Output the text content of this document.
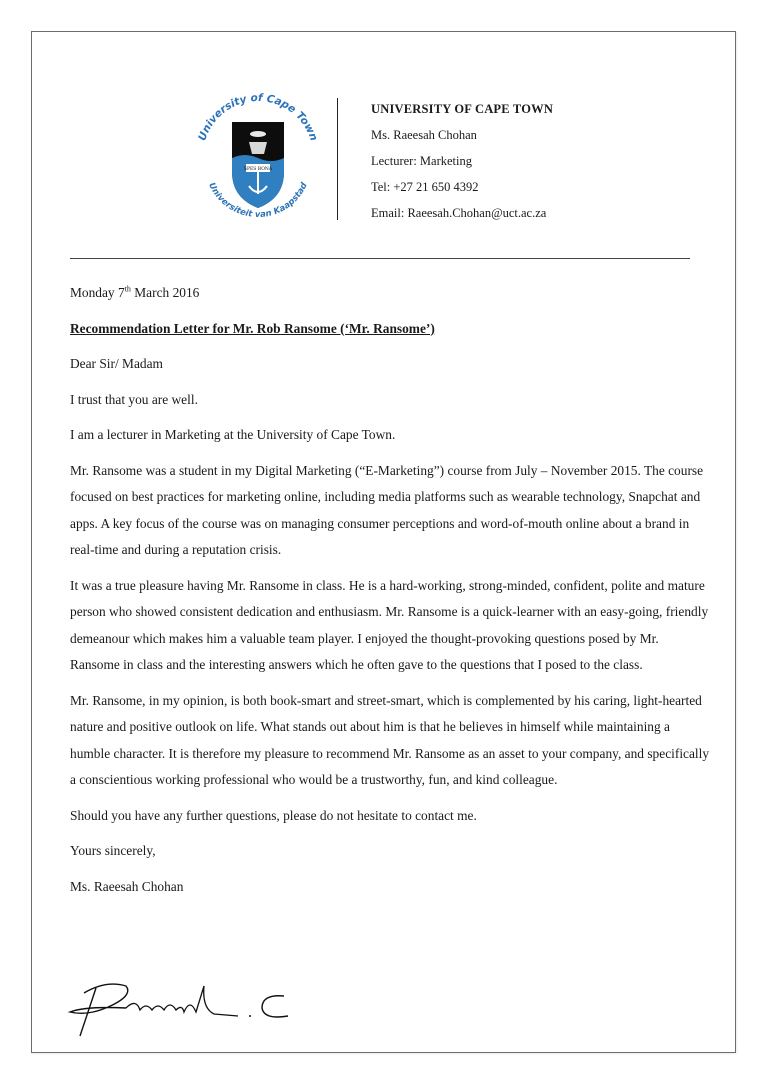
University of Cape Town
Universiteit van Kaapstad
SPES BONA
UNIVERSITY OF CAPE TOWN
Ms. Raeesah Chohan
Lecturer: Marketing
Tel: +27 21 650 4392
Email: Raeesah.Chohan@uct.ac.za

Monday 7th March 2016

Recommendation Letter for Mr. Rob Ransome (‘Mr. Ransome’)

Dear Sir/ Madam

I trust that you are well.

I am a lecturer in Marketing at the University of Cape Town.

Mr. Ransome was a student in my Digital Marketing (“E-Marketing”) course from July – November 2015. The course focused on best practices for marketing online, including media platforms such as wearable technology, Snapchat and apps. A key focus of the course was on managing consumer perceptions and word-of-mouth online about a brand in real-time and during a reputation crisis.

It was a true pleasure having Mr. Ransome in class. He is a hard-working, strong-minded, confident, polite and mature person who showed consistent dedication and enthusiasm. Mr. Ransome is a quick-learner with an easy-going, friendly demeanour which makes him a valuable team player. I enjoyed the thought-provoking questions posed by Mr. Ransome in class and the interesting answers which he often gave to the questions that I posed to the class.

Mr. Ransome, in my opinion, is both book-smart and street-smart, which is complemented by his caring, light-hearted nature and positive outlook on life. What stands out about him is that he believes in himself while maintaining a humble character. It is therefore my pleasure to recommend Mr. Ransome as an asset to your company, and specifically a conscientious working professional who would be a trustworthy, fun, and kind colleague.

Should you have any further questions, please do not hesitate to contact me.

Yours sincerely,

Ms. Raeesah Chohan
